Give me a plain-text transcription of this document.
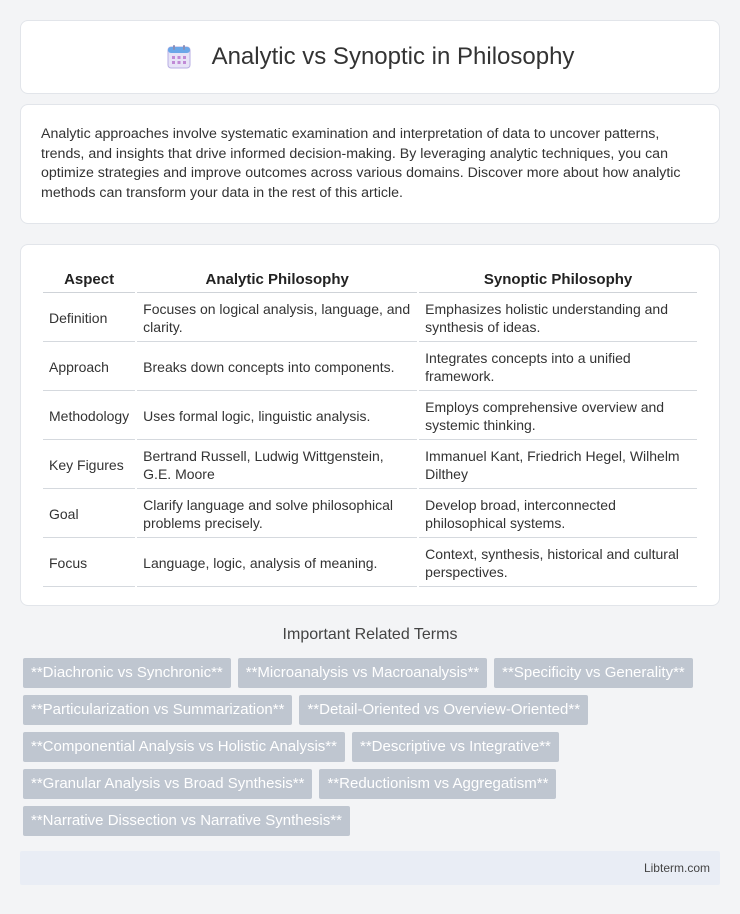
Analytic vs Synoptic in Philosophy

Analytic approaches involve systematic examination and interpretation of data to uncover patterns, trends, and insights that drive informed decision-making. By leveraging analytic techniques, you can optimize strategies and improve outcomes across various domains. Discover more about how analytic methods can transform your data in the rest of this article.

Aspect	Analytic Philosophy	Synoptic Philosophy
Definition	Focuses on logical analysis, language, and clarity.	Emphasizes holistic understanding and synthesis of ideas.
Approach	Breaks down concepts into components.	Integrates concepts into a unified framework.
Methodology	Uses formal logic, linguistic analysis.	Employs comprehensive overview and systemic thinking.
Key Figures	Bertrand Russell, Ludwig Wittgenstein, G.E. Moore	Immanuel Kant, Friedrich Hegel, Wilhelm Dilthey
Goal	Clarify language and solve philosophical problems precisely.	Develop broad, interconnected philosophical systems.
Focus	Language, logic, analysis of meaning.	Context, synthesis, historical and cultural perspectives.
Important Related Terms
**Diachronic vs Synchronic**	**Microanalysis vs Macroanalysis**	**Specificity vs Generality**
**Particularization vs Summarization**	**Detail-Oriented vs Overview-Oriented**
**Componential Analysis vs Holistic Analysis**	**Descriptive vs Integrative**
**Granular Analysis vs Broad Synthesis**	**Reductionism vs Aggregatism**
**Narrative Dissection vs Narrative Synthesis**
Libterm.com
